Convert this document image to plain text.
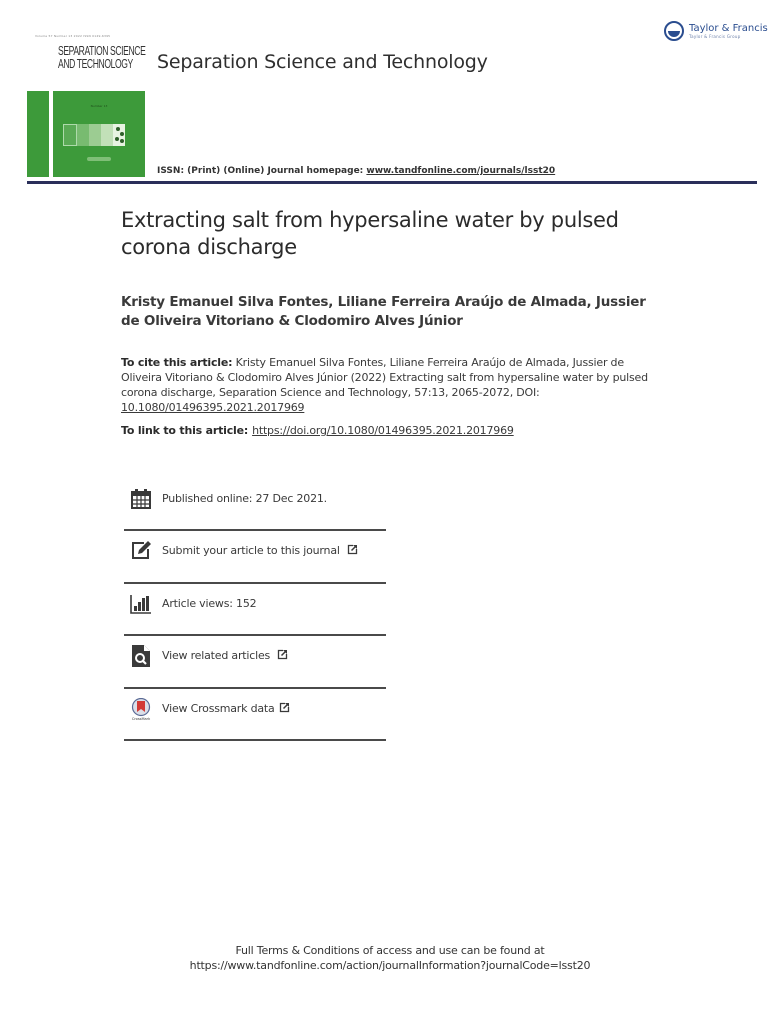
Volume 57 Number 13 2022 ISSN 0149-6395
SEPARATION SCIENCE
AND TECHNOLOGY
Number 13
Separation Science and Technology
Taylor & Francis
Taylor & Francis Group
ISSN: (Print) (Online) Journal homepage: www.tandfonline.com/journals/lsst20
Extracting salt from hypersaline water by pulsed corona discharge
Kristy Emanuel Silva Fontes, Liliane Ferreira Araújo de Almada, Jussier de Oliveira Vitoriano & Clodomiro Alves Júnior
To cite this article: Kristy Emanuel Silva Fontes, Liliane Ferreira Araújo de Almada, Jussier de Oliveira Vitoriano & Clodomiro Alves Júnior (2022) Extracting salt from hypersaline water by pulsed corona discharge, Separation Science and Technology, 57:13, 2065-2072, DOI: 10.1080/01496395.2021.2017969
To link to this article: https://doi.org/10.1080/01496395.2021.2017969
Published online: 27 Dec 2021.
Submit your article to this journal
Article views: 152
View related articles
CrossMark
View Crossmark data
Full Terms & Conditions of access and use can be found at
https://www.tandfonline.com/action/journalInformation?journalCode=lsst20
